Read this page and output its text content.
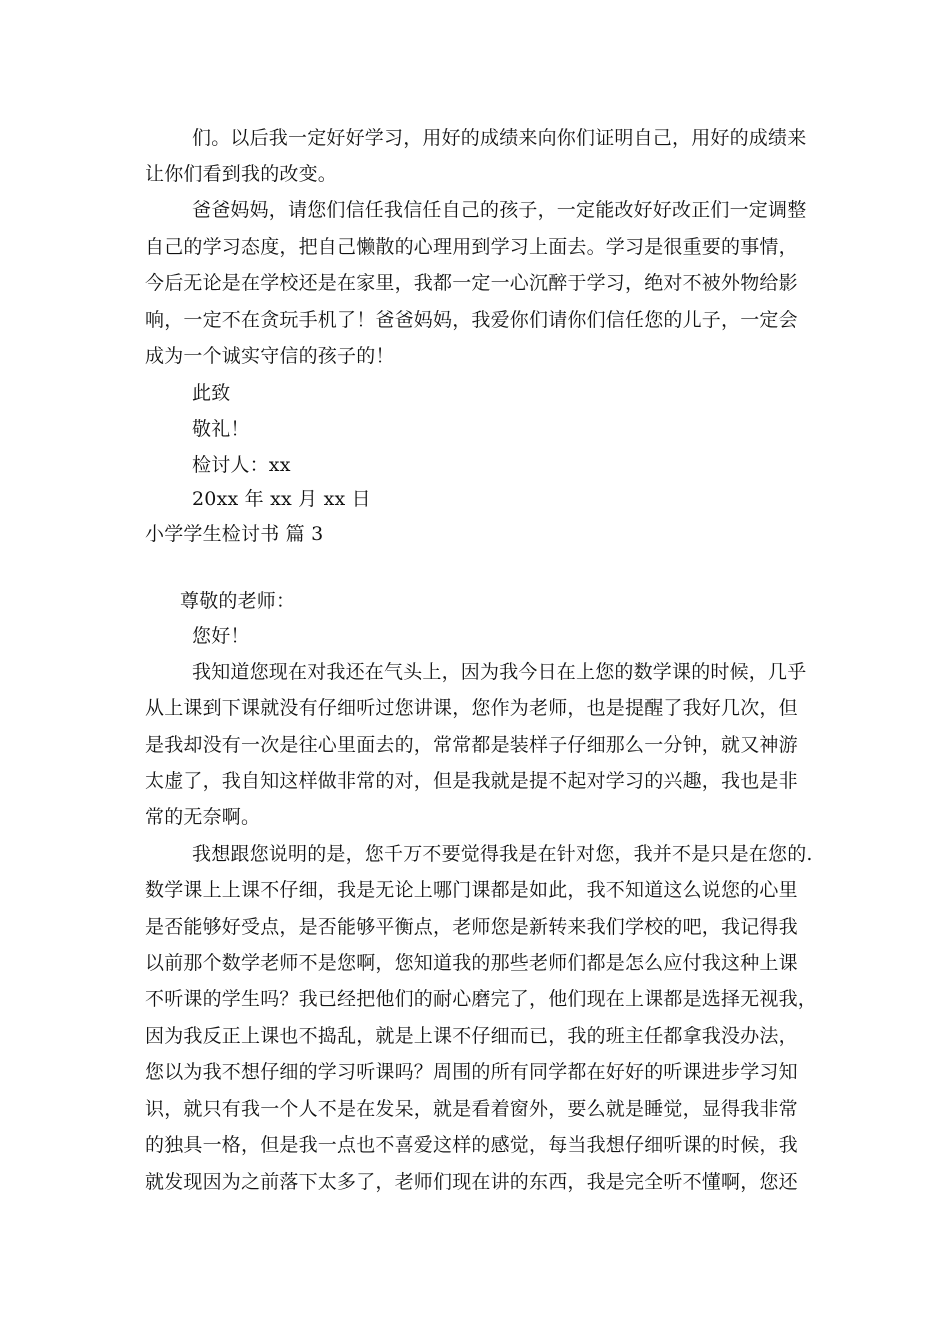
们。以后我一定好好学习，用好的成绩来向你们证明自己，用好的成绩来
让你们看到我的改变。
爸爸妈妈，请您们信任我信任自己的孩子，一定能改好好改正们一定调整
自己的学习态度，把自己懒散的心理用到学习上面去。学习是很重要的事情，
今后无论是在学校还是在家里，我都一定一心沉醉于学习，绝对不被外物给影
响，一定不在贪玩手机了！爸爸妈妈，我爱你们请你们信任您的儿子，一定会
成为一个诚实守信的孩子的！
此致
敬礼！
检讨人：xx
20xx 年 xx 月 xx 日
小学学生检讨书 篇 3
尊敬的老师：
您好！
我知道您现在对我还在气头上，因为我今日在上您的数学课的时候，几乎
从上课到下课就没有仔细听过您讲课，您作为老师，也是提醒了我好几次，但
是我却没有一次是往心里面去的，常常都是装样子仔细那么一分钟，就又神游
太虚了，我自知这样做非常的对，但是我就是提不起对学习的兴趣，我也是非
常的无奈啊。
我想跟您说明的是，您千万不要觉得我是在针对您，我并不是只是在您的.
数学课上上课不仔细，我是无论上哪门课都是如此，我不知道这么说您的心里
是否能够好受点，是否能够平衡点，老师您是新转来我们学校的吧，我记得我
以前那个数学老师不是您啊，您知道我的那些老师们都是怎么应付我这种上课
不听课的学生吗？我已经把他们的耐心磨完了，他们现在上课都是选择无视我，
因为我反正上课也不捣乱，就是上课不仔细而已，我的班主任都拿我没办法，
您以为我不想仔细的学习听课吗？周围的所有同学都在好好的听课进步学习知
识，就只有我一个人不是在发呆，就是看着窗外，要么就是睡觉，显得我非常
的独具一格，但是我一点也不喜爱这样的感觉，每当我想仔细听课的时候，我
就发现因为之前落下太多了，老师们现在讲的东西，我是完全听不懂啊，您还
